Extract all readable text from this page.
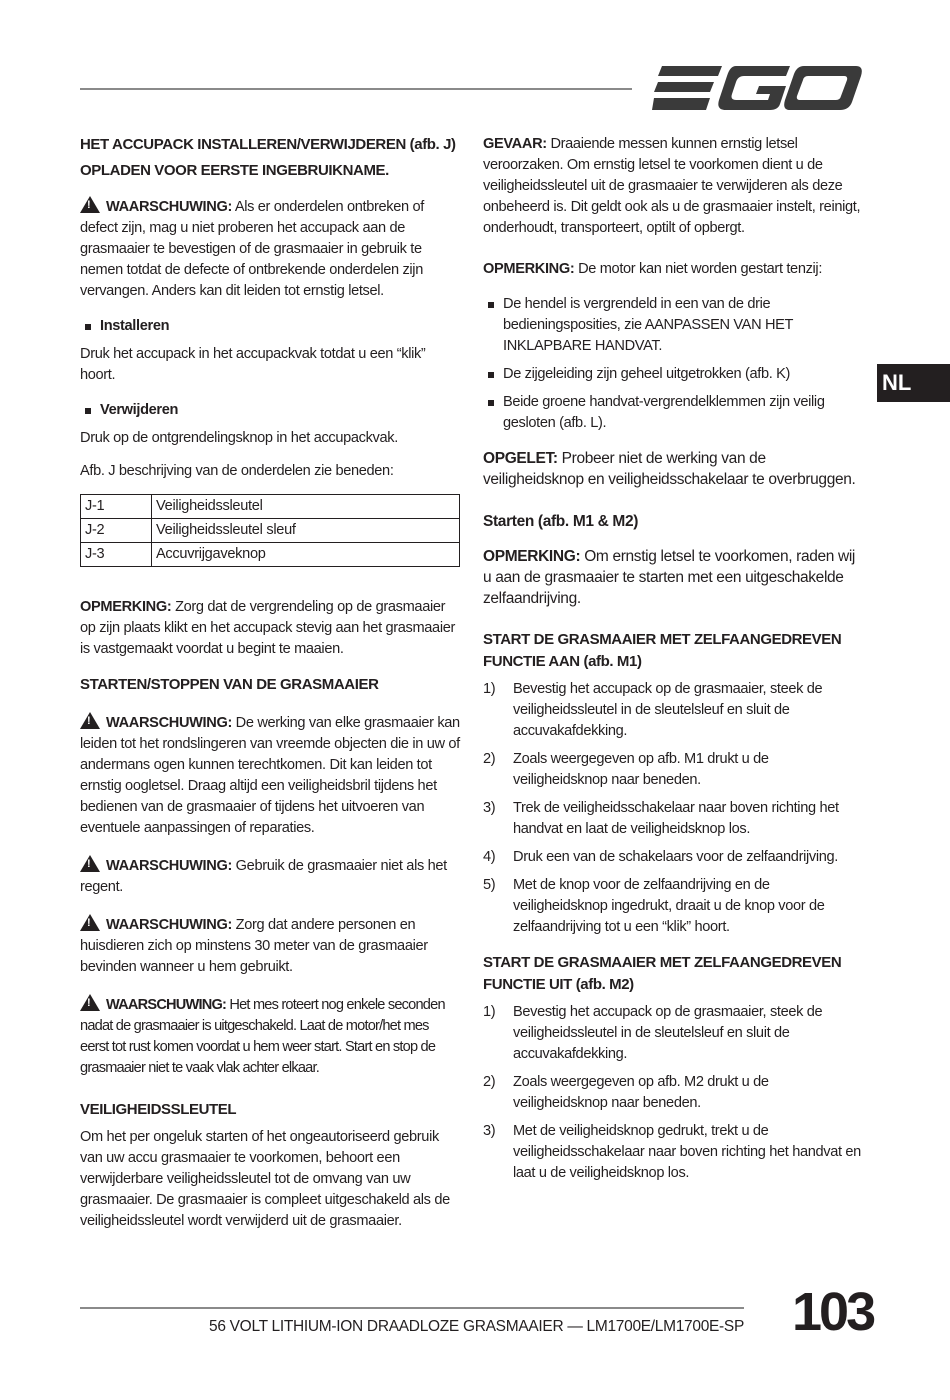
NL

HET ACCUPACK INSTALLEREN/VERWIJDEREN (afb. J)

OPLADEN VOOR EERSTE INGEBRUIKNAME.

!WAARSCHUWING: Als er onderdelen ontbreken of defect zijn, mag u niet proberen het accupack aan de grasmaaier te bevestigen of de grasmaaier in gebruik te nemen totdat de defecte of ontbrekende onderdelen zijn vervangen. Anders kan dit leiden tot ernstig letsel.

Installeren

Druk het accupack in het accupackvak totdat u een “klik” hoort.

Verwijderen

Druk op de ontgrendelingsknop in het accupackvak.

Afb. J beschrijving van de onderdelen zie beneden:

J-1	Veiligheidssleutel
J-2	Veiligheidssleutel sleuf
J-3	Accuvrijgaveknop

OPMERKING: Zorg dat de vergrendeling op de grasmaaier op zijn plaats klikt en het accupack stevig aan het grasmaaier is vastgemaakt voordat u begint te maaien.

STARTEN/STOPPEN VAN DE GRASMAAIER

!WAARSCHUWING: De werking van elke grasmaaier kan leiden tot het rondslingeren van vreemde objecten die in uw of andermans ogen kunnen terechtkomen. Dit kan leiden tot ernstig oogletsel. Draag altijd een veiligheidsbril tijdens het bedienen van de grasmaaier of tijdens het uitvoeren van eventuele aanpassingen of reparaties.

!WAARSCHUWING: Gebruik de grasmaaier niet als het regent.

!WAARSCHUWING: Zorg dat andere personen en huisdieren zich op minstens 30 meter van de grasmaaier bevinden wanneer u hem gebruikt.

!WAARSCHUWING: Het mes roteert nog enkele seconden nadat de grasmaaier is uitgeschakeld. Laat de motor/het mes eerst tot rust komen voordat u hem weer start. Start en stop de grasmaaier niet te vaak vlak achter elkaar.

VEILIGHEIDSSLEUTEL

Om het per ongeluk starten of het ongeautoriseerd gebruik van uw accu grasmaaier te voorkomen, behoort een verwijderbare veiligheidssleutel tot de omvang van uw grasmaaier. De grasmaaier is compleet uitgeschakeld als de veiligheidssleutel wordt verwijderd uit de grasmaaier.

GEVAAR: Draaiende messen kunnen ernstig letsel veroorzaken. Om ernstig letsel te voorkomen dient u de veiligheidssleutel uit de grasmaaier te verwijderen als deze onbeheerd is. Dit geldt ook als u de grasmaaier instelt, reinigt, onderhoudt, transporteert, optilt of opbergt.

OPMERKING: De motor kan niet worden gestart tenzij:

De hendel is vergrendeld in een van de drie bedieningsposities, zie AANPASSEN VAN HET INKLAPBARE HANDVAT.

De zijgeleiding zijn geheel uitgetrokken (afb. K)

Beide groene handvat-vergrendelklemmen zijn veilig gesloten (afb. L).

OPGELET: Probeer niet de werking van de veiligheidsknop en veiligheidsschakelaar te overbruggen.

Starten (afb. M1 & M2)

OPMERKING: Om ernstig letsel te voorkomen, raden wij u aan de grasmaaier te starten met een uitgeschakelde zelfaandrijving.

START DE GRASMAAIER MET ZELFAANGEDREVEN FUNCTIE AAN (afb. M1)

1) Bevestig het accupack op de grasmaaier, steek de veiligheidssleutel in de sleutelsleuf en sluit de accuvakafdekking.

2) Zoals weergegeven op afb. M1 drukt u de veiligheidsknop naar beneden.

3) Trek de veiligheidsschakelaar naar boven richting het handvat en laat de veiligheidsknop los.

4) Druk een van de schakelaars voor de zelfaandrijving.

5) Met de knop voor de zelfaandrijving en de veiligheidsknop ingedrukt, draait u de knop voor de zelfaandrijving tot u een “klik” hoort.

START DE GRASMAAIER MET ZELFAANGEDREVEN FUNCTIE UIT (afb. M2)

1) Bevestig het accupack op de grasmaaier, steek de veiligheidssleutel in de sleutelsleuf en sluit de accuvakafdekking.

2) Zoals weergegeven op afb. M2 drukt u de veiligheidsknop naar beneden.

3) Met de veiligheidsknop gedrukt, trekt u de veiligheidsschakelaar naar boven richting het handvat en laat u de veiligheidsknop los.

56 VOLT LITHIUM-ION DRAADLOZE GRASMAAIER — LM1700E/LM1700E-SP 103
